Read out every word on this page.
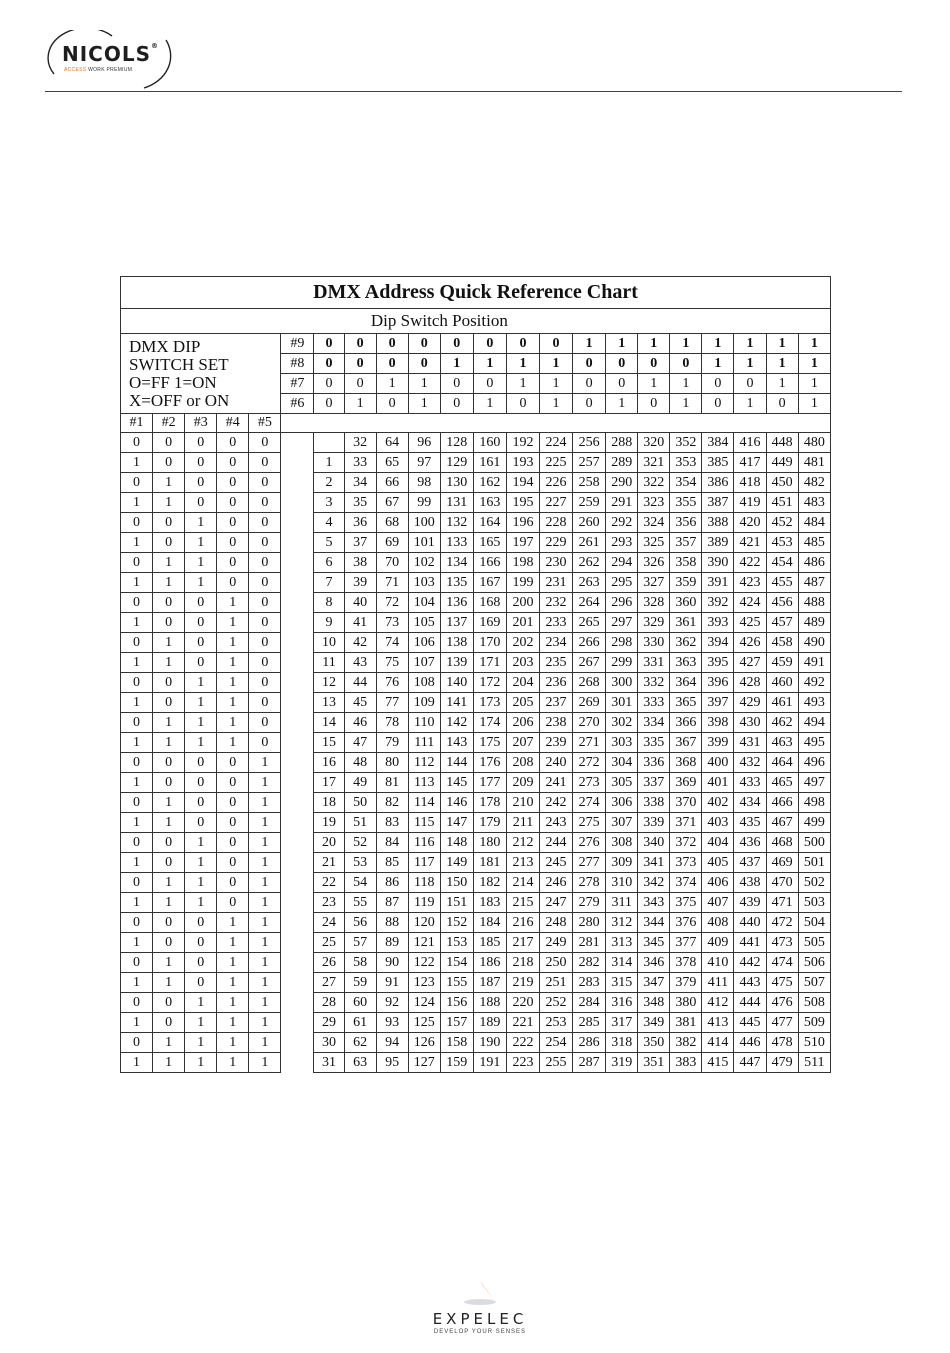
NICOLS®
ACCESS WORK PREMIUM
DMX Address Quick Reference Chart																					
					Dip Switch Position																

DMX DIP
SWITCH SET
O=FF 1=ON
X=OFF or ON					#9	0	0	0	0	0	0	0	0	1	1	1	1	1	1	1	1
					#8	0	0	0	0	1	1	1	1	0	0	0	0	1	1	1	1
					#7	0	0	1	1	0	0	1	1	0	0	1	1	0	0	1	1
					#6	0	1	0	1	0	1	0	1	0	1	0	1	0	1	0	1
#1	#2	#3	#4	#5																	
0	0	0	0	0			32	64	96	128	160	192	224	256	288	320	352	384	416	448	480
1	0	0	0	0		1	33	65	97	129	161	193	225	257	289	321	353	385	417	449	481
0	1	0	0	0		2	34	66	98	130	162	194	226	258	290	322	354	386	418	450	482
1	1	0	0	0		3	35	67	99	131	163	195	227	259	291	323	355	387	419	451	483
0	0	1	0	0		4	36	68	100	132	164	196	228	260	292	324	356	388	420	452	484
1	0	1	0	0		5	37	69	101	133	165	197	229	261	293	325	357	389	421	453	485
0	1	1	0	0		6	38	70	102	134	166	198	230	262	294	326	358	390	422	454	486
1	1	1	0	0		7	39	71	103	135	167	199	231	263	295	327	359	391	423	455	487
0	0	0	1	0		8	40	72	104	136	168	200	232	264	296	328	360	392	424	456	488
1	0	0	1	0		9	41	73	105	137	169	201	233	265	297	329	361	393	425	457	489
0	1	0	1	0		10	42	74	106	138	170	202	234	266	298	330	362	394	426	458	490
1	1	0	1	0		11	43	75	107	139	171	203	235	267	299	331	363	395	427	459	491
0	0	1	1	0		12	44	76	108	140	172	204	236	268	300	332	364	396	428	460	492
1	0	1	1	0		13	45	77	109	141	173	205	237	269	301	333	365	397	429	461	493
0	1	1	1	0		14	46	78	110	142	174	206	238	270	302	334	366	398	430	462	494
1	1	1	1	0		15	47	79	111	143	175	207	239	271	303	335	367	399	431	463	495
0	0	0	0	1		16	48	80	112	144	176	208	240	272	304	336	368	400	432	464	496
1	0	0	0	1		17	49	81	113	145	177	209	241	273	305	337	369	401	433	465	497
0	1	0	0	1		18	50	82	114	146	178	210	242	274	306	338	370	402	434	466	498
1	1	0	0	1		19	51	83	115	147	179	211	243	275	307	339	371	403	435	467	499
0	0	1	0	1		20	52	84	116	148	180	212	244	276	308	340	372	404	436	468	500
1	0	1	0	1		21	53	85	117	149	181	213	245	277	309	341	373	405	437	469	501
0	1	1	0	1		22	54	86	118	150	182	214	246	278	310	342	374	406	438	470	502
1	1	1	0	1		23	55	87	119	151	183	215	247	279	311	343	375	407	439	471	503
0	0	0	1	1		24	56	88	120	152	184	216	248	280	312	344	376	408	440	472	504
1	0	0	1	1		25	57	89	121	153	185	217	249	281	313	345	377	409	441	473	505
0	1	0	1	1		26	58	90	122	154	186	218	250	282	314	346	378	410	442	474	506
1	1	0	1	1		27	59	91	123	155	187	219	251	283	315	347	379	411	443	475	507
0	0	1	1	1		28	60	92	124	156	188	220	252	284	316	348	380	412	444	476	508
1	0	1	1	1		29	61	93	125	157	189	221	253	285	317	349	381	413	445	477	509
0	1	1	1	1		30	62	94	126	158	190	222	254	286	318	350	382	414	446	478	510
1	1	1	1	1		31	63	95	127	159	191	223	255	287	319	351	383	415	447	479	511
EXPELEC
DEVELOP YOUR SENSES
